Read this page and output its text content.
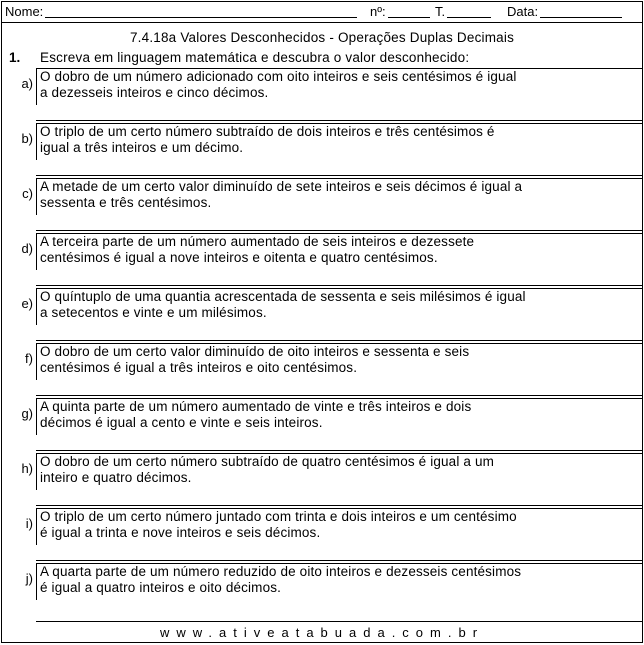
Nome:	nº:	T.	Data:
7.4.18a Valores Desconhecidos - Operações Duplas Decimais
1. Escreva em linguagem matemática e descubra o valor desconhecido:
a) O dobro de um número adicionado com oito inteiros e seis centésimos é igual
a dezesseis inteiros e cinco décimos.
b) O triplo de um certo número subtraído de dois inteiros e três centésimos é
igual a três inteiros e um décimo.
c) A metade de um certo valor diminuído de sete inteiros e seis décimos é igual a
sessenta e três centésimos.
d) A terceira parte de um número aumentado de seis inteiros e dezessete
centésimos é igual a nove inteiros e oitenta e quatro centésimos.
e) O quíntuplo de uma quantia acrescentada de sessenta e seis milésimos é igual
a setecentos e vinte e um milésimos.
f) O dobro de um certo valor diminuído de oito inteiros e sessenta e seis
centésimos é igual a três inteiros e oito centésimos.
g) A quinta parte de um número aumentado de vinte e três inteiros e dois
décimos é igual a cento e vinte e seis inteiros.
h) O dobro de um certo número subtraído de quatro centésimos é igual a um
inteiro e quatro décimos.
i) O triplo de um certo número juntado com trinta e dois inteiros e um centésimo
é igual a trinta e nove inteiros e seis décimos.
j) A quarta parte de um número reduzido de oito inteiros e dezesseis centésimos
é igual a quatro inteiros e oito décimos.
www.ativeatabuada.com.br
